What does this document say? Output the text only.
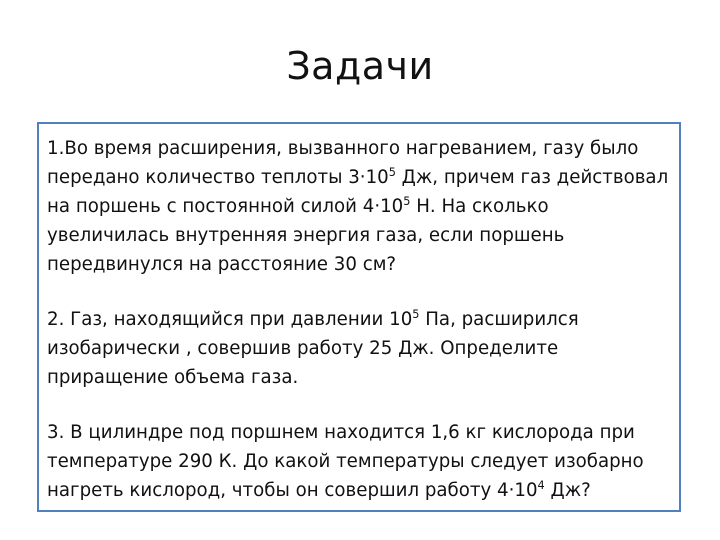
Задачи

1.Во время расширения, вызванного нагреванием, газу было передано количество теплоты $3\cdot 10^5$ Дж, причем газ действовал на поршень с постоянной силой $4\cdot 10^5$ Н. На сколько увеличилась внутренняя энергия газа, если поршень передвинулся на расстояние 30 см?

2. Газ, находящийся при давлении $10^5$ Па, расширился изобарически , совершив работу 25 Дж. Определите приращение объема газа.

3. В цилиндре под поршнем находится 1,6 кг кислорода при температуре 290 К. До какой температуры следует изобарно нагреть кислород, чтобы он совершил работу $4\cdot 10^4$ Дж?
